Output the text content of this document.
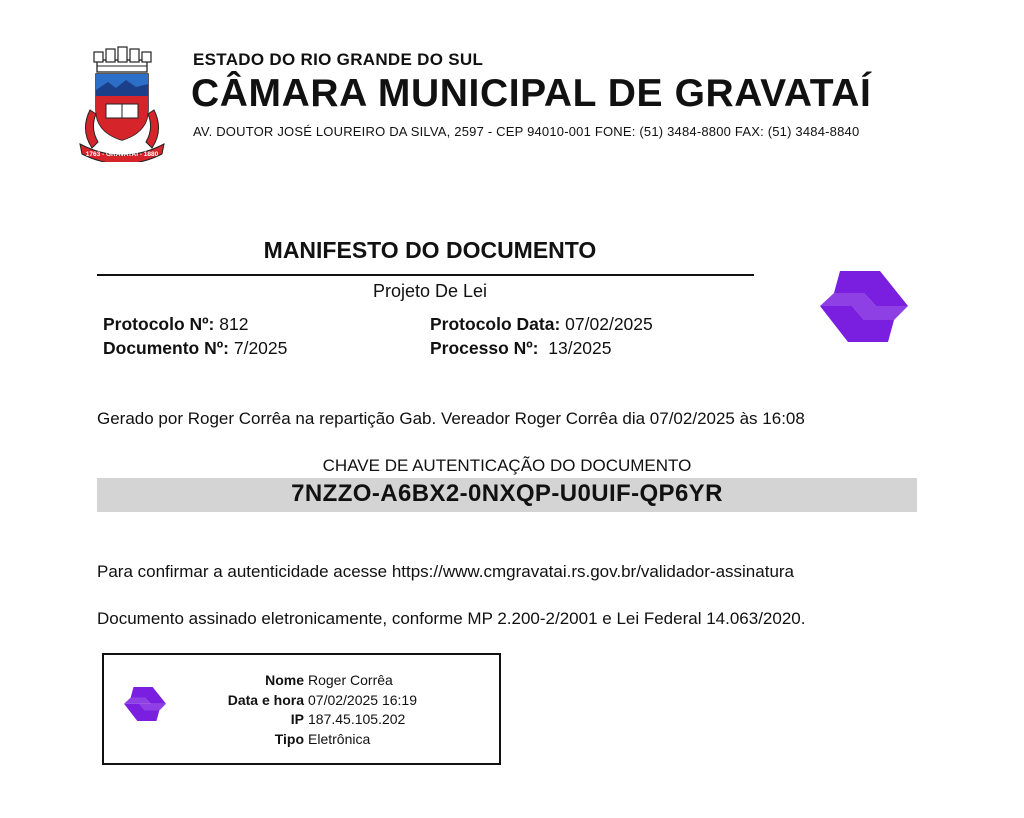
1763 - GRAVATAÍ - 1880
ESTADO DO RIO GRANDE DO SUL
CÂMARA MUNICIPAL DE GRAVATAÍ
AV. DOUTOR JOSÉ LOUREIRO DA SILVA, 2597 - CEP 94010-001 FONE: (51) 3484-8800 FAX: (51) 3484-8840
MANIFESTO DO DOCUMENTO
Projeto De Lei
Protocolo Nº: 812
Documento Nº: 7/2025
Protocolo Data: 07/02/2025
Processo Nº:  13/2025
Gerado por Roger Corrêa na repartição Gab. Vereador Roger Corrêa dia 07/02/2025 às 16:08
CHAVE DE AUTENTICAÇÃO DO DOCUMENTO
7NZZO-A6BX2-0NXQP-U0UIF-QP6YR
Para confirmar a autenticidade acesse https://www.cmgravatai.rs.gov.br/validador-assinatura
Documento assinado eletronicamente, conforme MP 2.200-2/2001 e Lei Federal 14.063/2020.
Nome Roger Corrêa
Data e hora 07/02/2025 16:19
IP 187.45.105.202
Tipo Eletrônica
